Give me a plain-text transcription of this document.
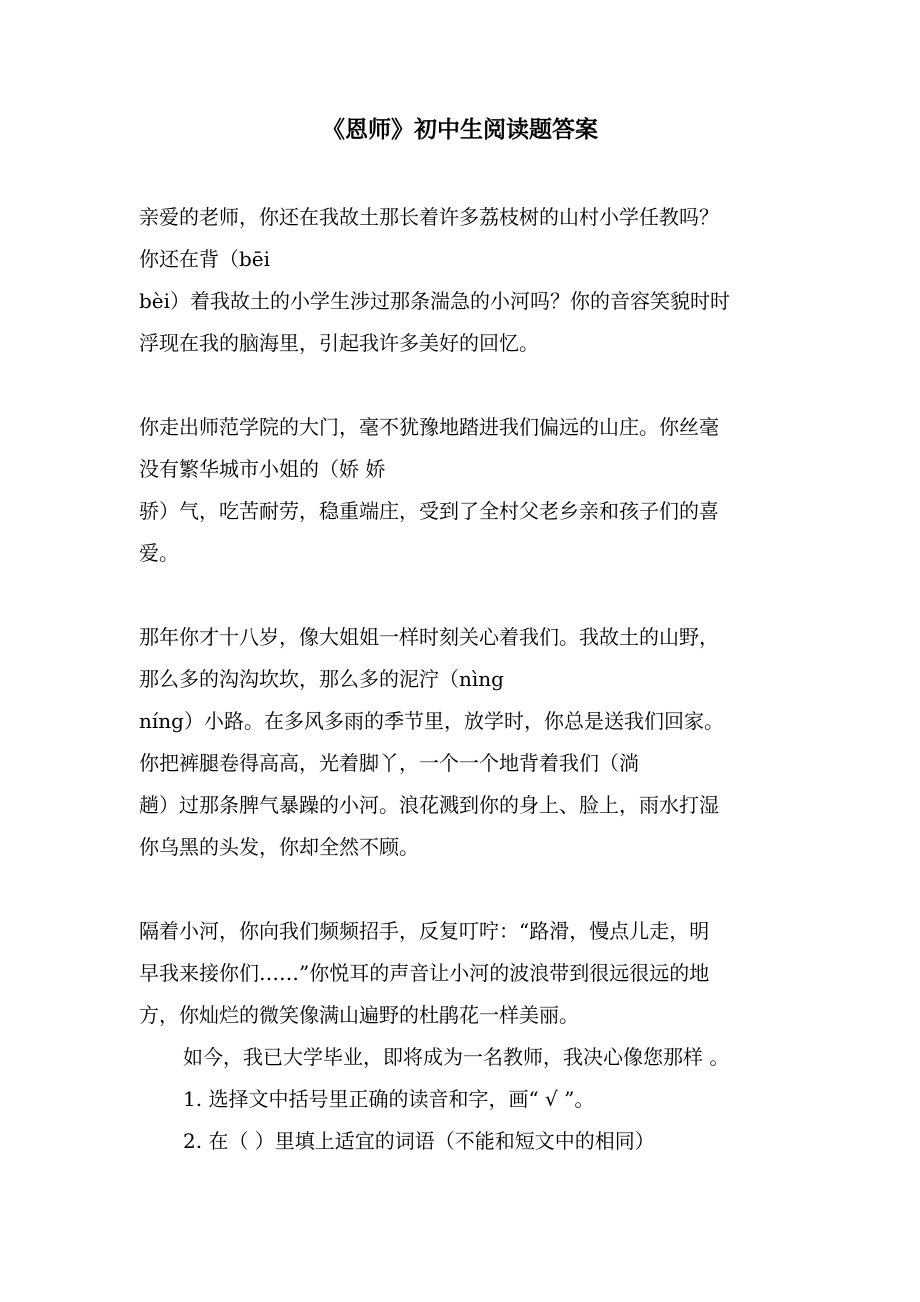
《恩师》初中生阅读题答案
亲爱的老师，你还在我故土那长着许多荔枝树的山村小学任教吗？
你还在背（bēi
bèi）着我故土的小学生涉过那条湍急的小河吗？你的音容笑貌时时
浮现在我的脑海里，引起我许多美好的回忆。
你走出师范学院的大门，毫不犹豫地踏进我们偏远的山庄。你丝毫
没有繁华城市小姐的（娇 娇
骄）气，吃苦耐劳，稳重端庄，受到了全村父老乡亲和孩子们的喜
爱。
那年你才十八岁，像大姐姐一样时刻关心着我们。我故土的山野，
那么多的沟沟坎坎，那么多的泥泞（nìng
níng）小路。在多风多雨的季节里，放学时，你总是送我们回家。
你把裤腿卷得高高，光着脚丫，一个一个地背着我们（淌
趟）过那条脾气暴躁的小河。浪花溅到你的身上、脸上，雨水打湿
你乌黑的头发，你却全然不顾。
隔着小河，你向我们频频招手，反复叮咛：“路滑，慢点儿走，明
早我来接你们……”你悦耳的声音让小河的波浪带到很远很远的地
方，你灿烂的微笑像满山遍野的杜鹃花一样美丽。
如今，我已大学毕业，即将成为一名教师，我决心像您那样 。
1. 选择文中括号里正确的读音和字，画“ √ ”。
2. 在（ ）里填上适宜的词语（不能和短文中的相同）
